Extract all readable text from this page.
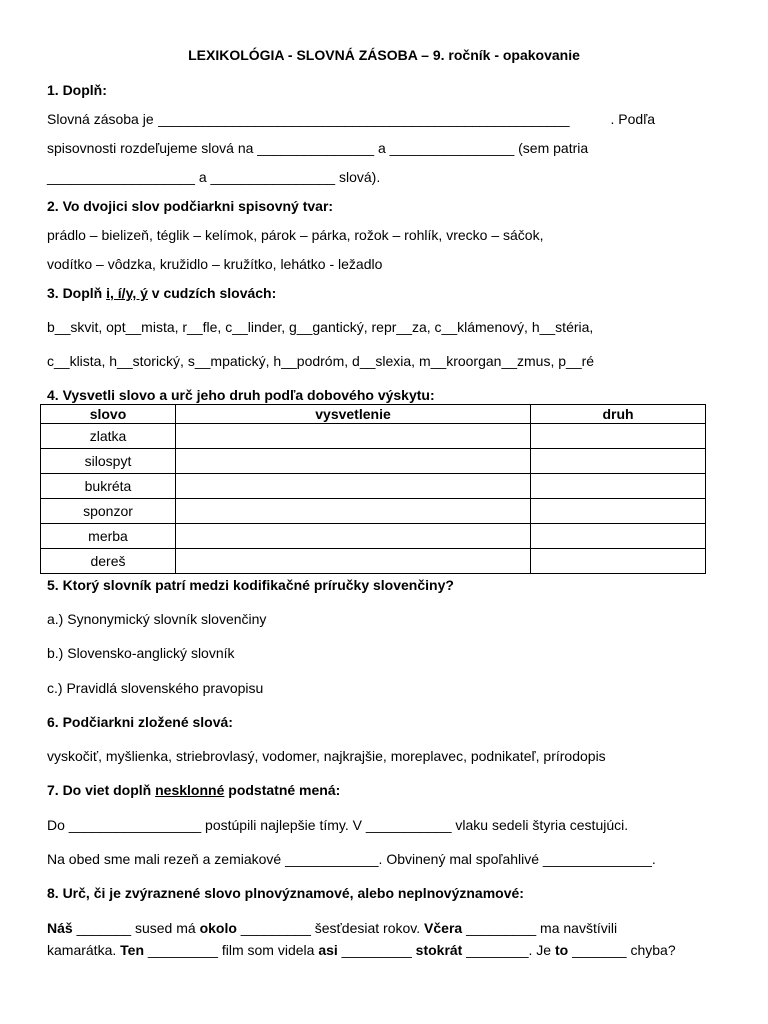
LEXIKOLÓGIA - SLOVNÁ ZÁSOBA – 9. ročník - opakovanie
1. Doplň:
Slovná zásoba je _______________________________________________________	. Podľa
spisovnosti rozdeľujeme slová na _______________ a ________________ (sem patria
___________________ a ________________ slová).
2. Vo dvojici slov podčiarkni spisovný tvar:
prádlo – bielizeň, téglik – kelímok, párok – párka, rožok – rohlík, vrecko – sáčok,
vodítko – vôdzka, kružidlo – kružítko, lehátko - ležadlo
3. Doplň i, í/y, ý v cudzích slovách:
b__skvit, opt__mista, r__fle, c__linder, g__gantický, repr__za, c__klámenový, h__stéria,
c__klista, h__storický, s__mpatický, h__podróm, d__slexia, m__kroorgan__zmus, p__ré
4. Vysvetli slovo a urč jeho druh podľa dobového výskytu:
slovo	vysvetlenie	druh
zlatka		
silospyt		
bukréta		
sponzor		
merba		
dereš		
5. Ktorý slovník patrí medzi kodifikačné príručky slovenčiny?
a.) Synonymický slovník slovenčiny
b.) Slovensko-anglický slovník
c.) Pravidlá slovenského pravopisu
6. Podčiarkni zložené slová:
vyskočiť, myšlienka, striebrovlasý, vodomer, najkrajšie, moreplavec, podnikateľ, prírodopis
7. Do viet doplň nesklonné podstatné mená:
Do _________________ postúpili najlepšie tímy. V ___________ vlaku sedeli štyria cestujúci.
Na obed sme mali rezeň a zemiakové ____________. Obvinený mal spoľahlivé ______________.
8. Urč, či je zvýraznené slovo plnovýznamové, alebo neplnovýznamové:
Náš _______ sused má okolo _________ šesťdesiat rokov. Včera _________ ma navštívili
kamarátka. Ten _________ film som videla asi _________ stokrát ________. Je to _______ chyba?
